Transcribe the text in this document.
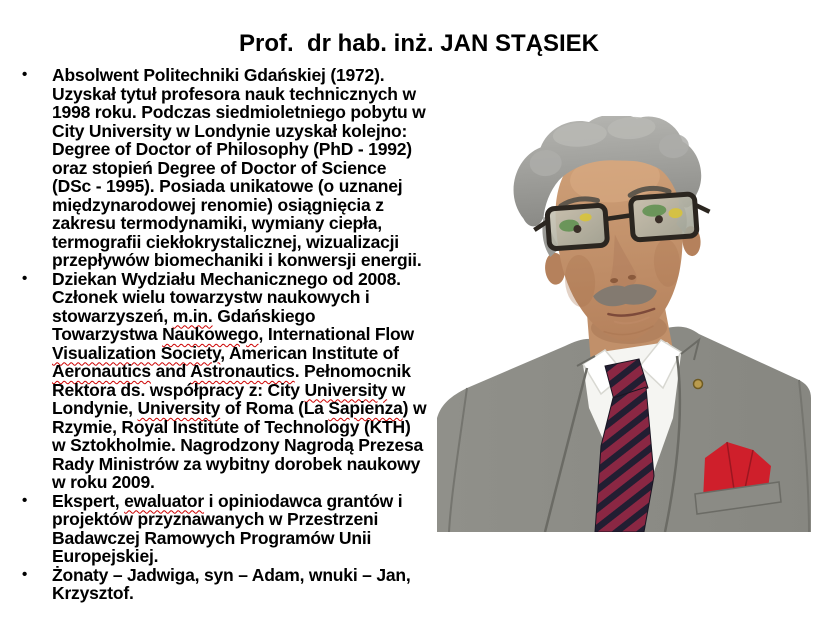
Prof.  dr hab. inż. JAN STĄSIEK
•	Absolwent Politechniki Gdańskiej (1972).
Uzyskał tytuł profesora nauk technicznych w
1998 roku. Podczas siedmioletniego pobytu w
City University w Londynie uzyskał kolejno:
Degree of Doctor of Philosophy (PhD - 1992)
oraz stopień Degree of Doctor of Science
(DSc - 1995). Posiada unikatowe (o uznanej
międzynarodowej renomie) osiągnięcia z
zakresu termodynamiki, wymiany ciepła,
termografii ciekłokrystalicznej, wizualizacji
przepływów biomechaniki i konwersji energii.
•	Dziekan Wydziału Mechanicznego od 2008.
Członek wielu towarzystw naukowych i
stowarzyszeń, m.in. Gdańskiego
Towarzystwa Naukowego, International Flow
Visualization Society, American Institute of
Aeronautics and Astronautics. Pełnomocnik
Rektora ds. współpracy z: City University w
Londynie, University of Roma (La Sapienza) w
Rzymie, Royal Institute of Technology (KTH)
w Sztokholmie. Nagrodzony Nagrodą Prezesa
Rady Ministrów za wybitny dorobek naukowy
w roku 2009.
•	Ekspert, ewaluator i opiniodawca grantów i
projektów przyznawanych w Przestrzeni
Badawczej Ramowych Programów Unii
Europejskiej.
•	Żonaty – Jadwiga, syn – Adam, wnuki – Jan,
Krzysztof.
